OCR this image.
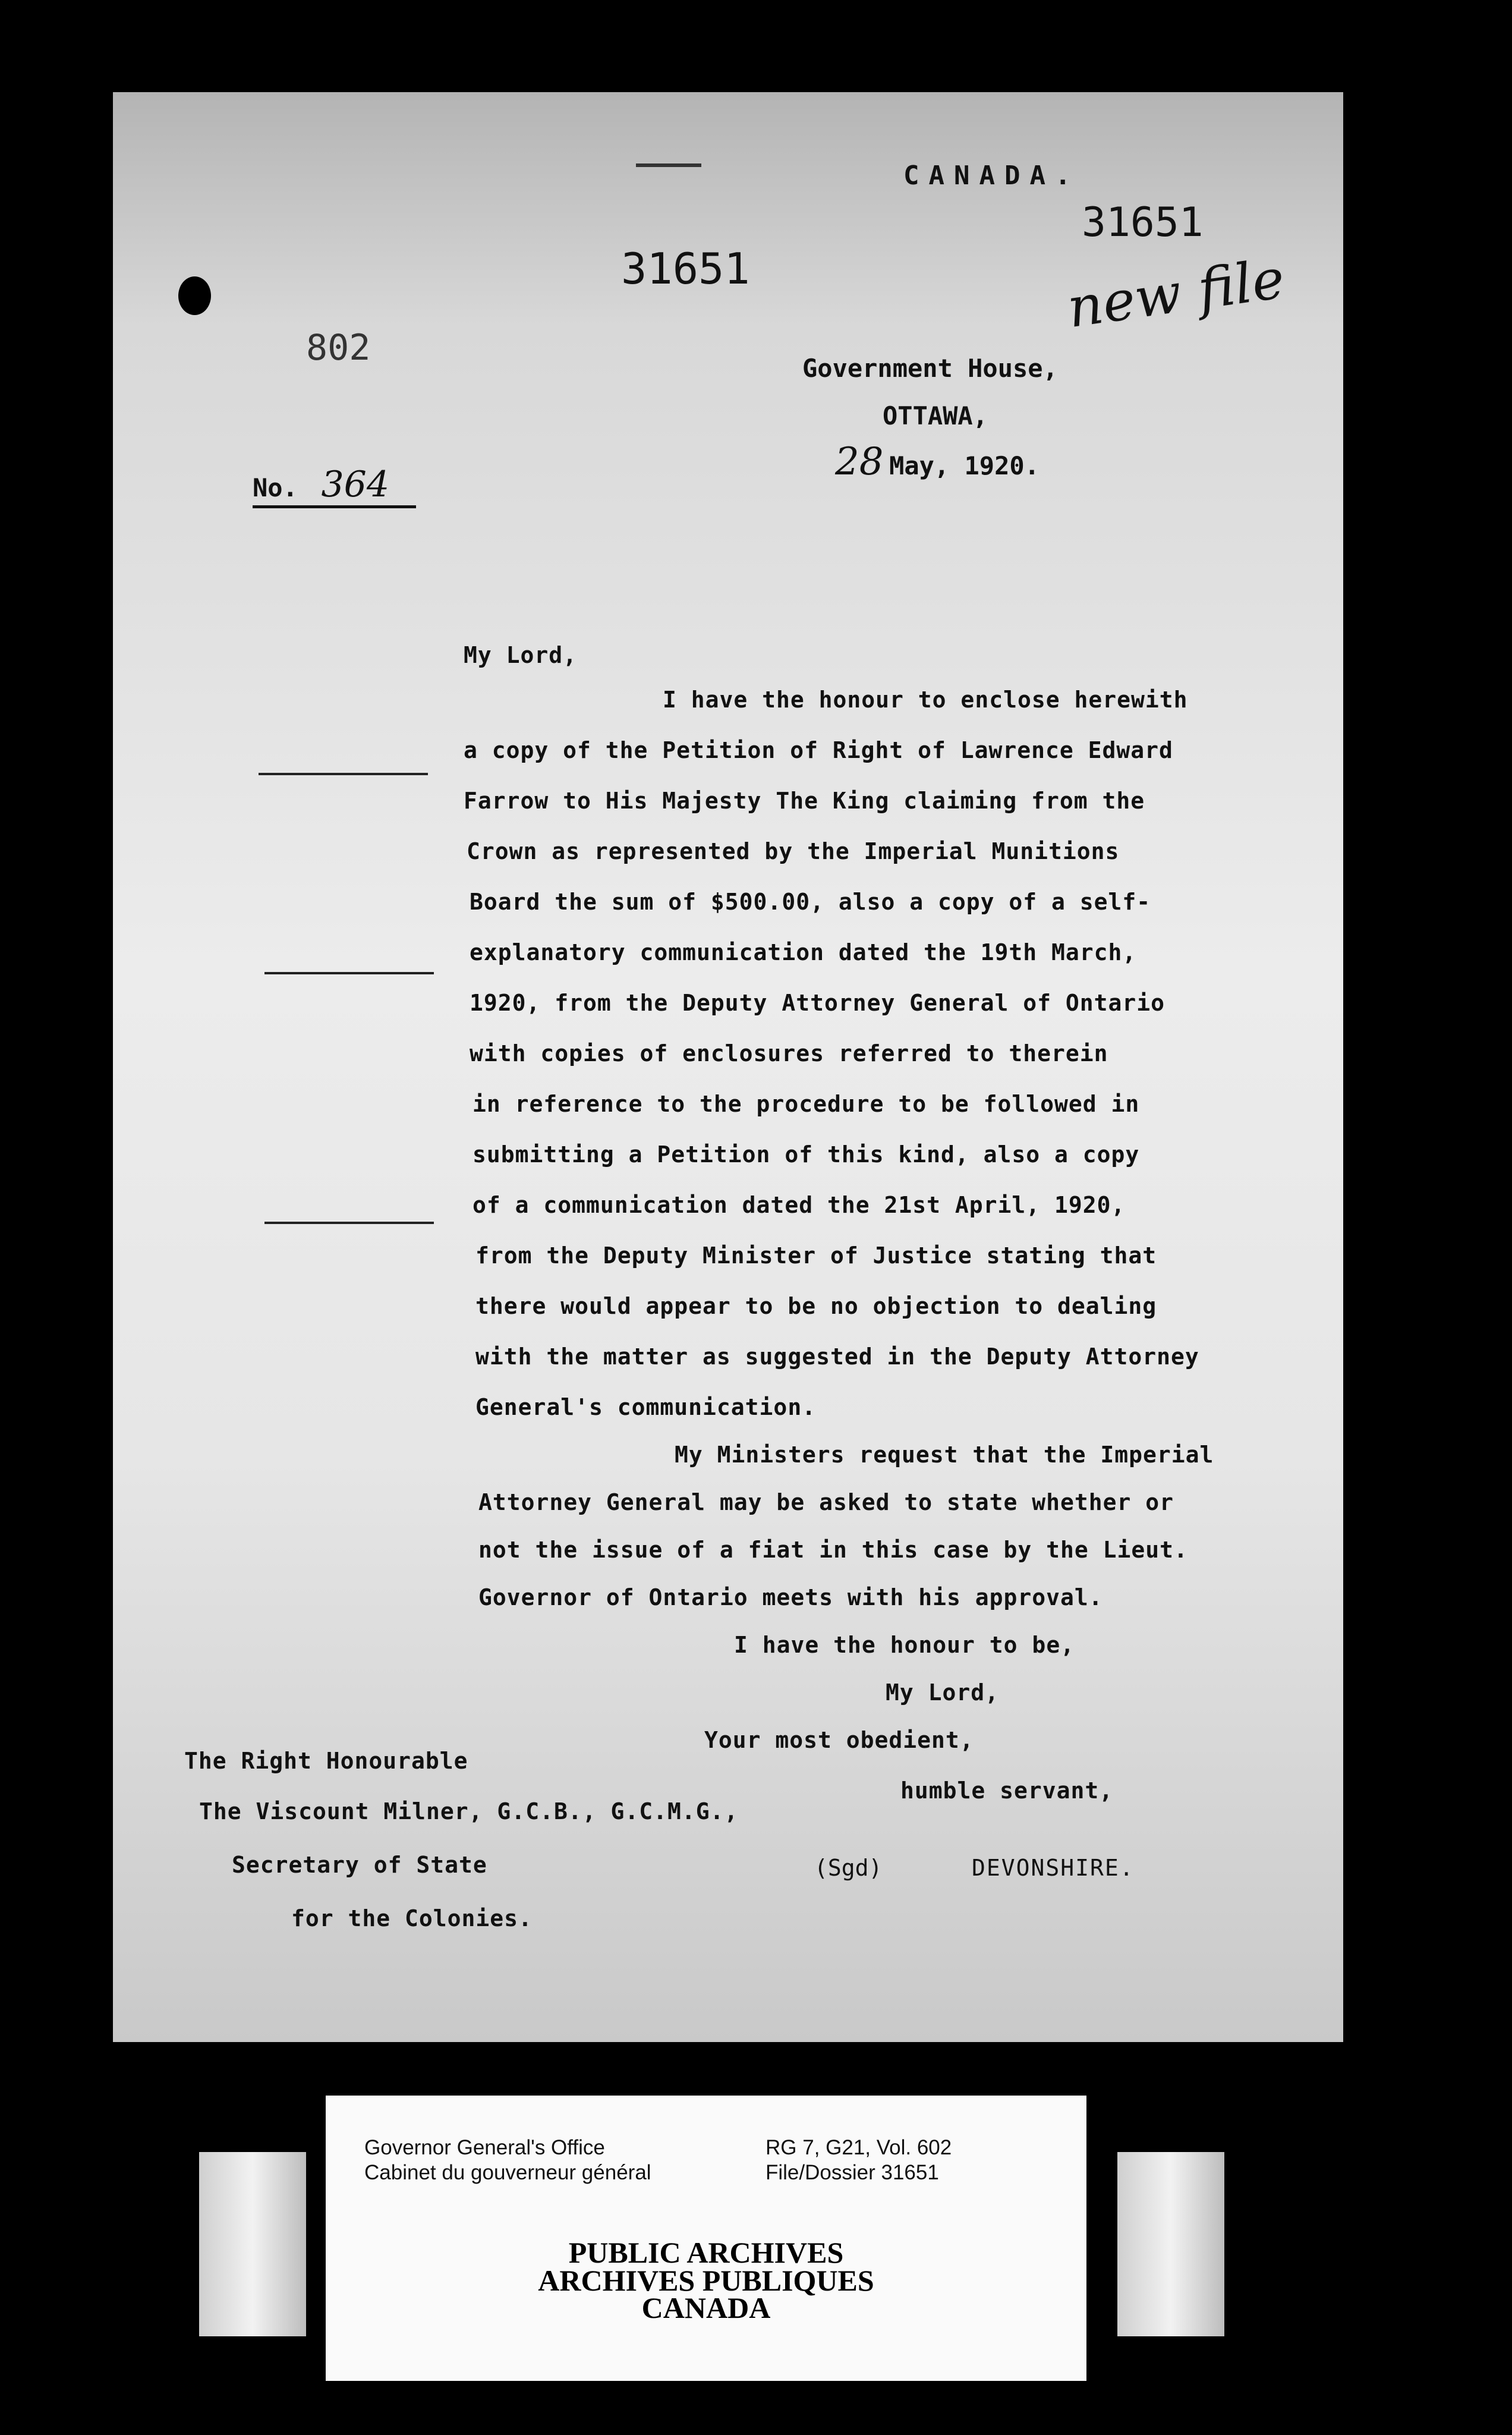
CANADA.
31651
new file
31651
802	Government House,
OTTAWA,
28 May, 1920.
No. 364
My Lord,
I have the honour to enclose herewith
a copy of the Petition of Right of Lawrence Edward
Farrow to His Majesty The King claiming from the
Crown as represented by the Imperial Munitions
Board the sum of $500.00, also a copy of a self-
explanatory communication dated the 19th March,
1920, from the Deputy Attorney General of Ontario
with copies of enclosures referred to therein
in reference to the procedure to be followed in
submitting a Petition of this kind, also a copy
of a communication dated the 21st April, 1920,
from the Deputy Minister of Justice stating that
there would appear to be no objection to dealing
with the matter as suggested in the Deputy Attorney
General's communication.
My Ministers request that the Imperial
Attorney General may be asked to state whether or
not the issue of a fiat in this case by the Lieut.
Governor of Ontario meets with his approval.
I have the honour to be,
My Lord,
Your most obedient,
humble servant,
The Right Honourable
The Viscount Milner, G.C.B., G.C.M.G.,
Secretary of State
for the Colonies.
(Sgd)	DEVONSHIRE.
Governor General's Office
Cabinet du gouverneur général
RG 7, G21, Vol. 602
File/Dossier 31651
PUBLIC ARCHIVES
ARCHIVES PUBLIQUES
CANADA
